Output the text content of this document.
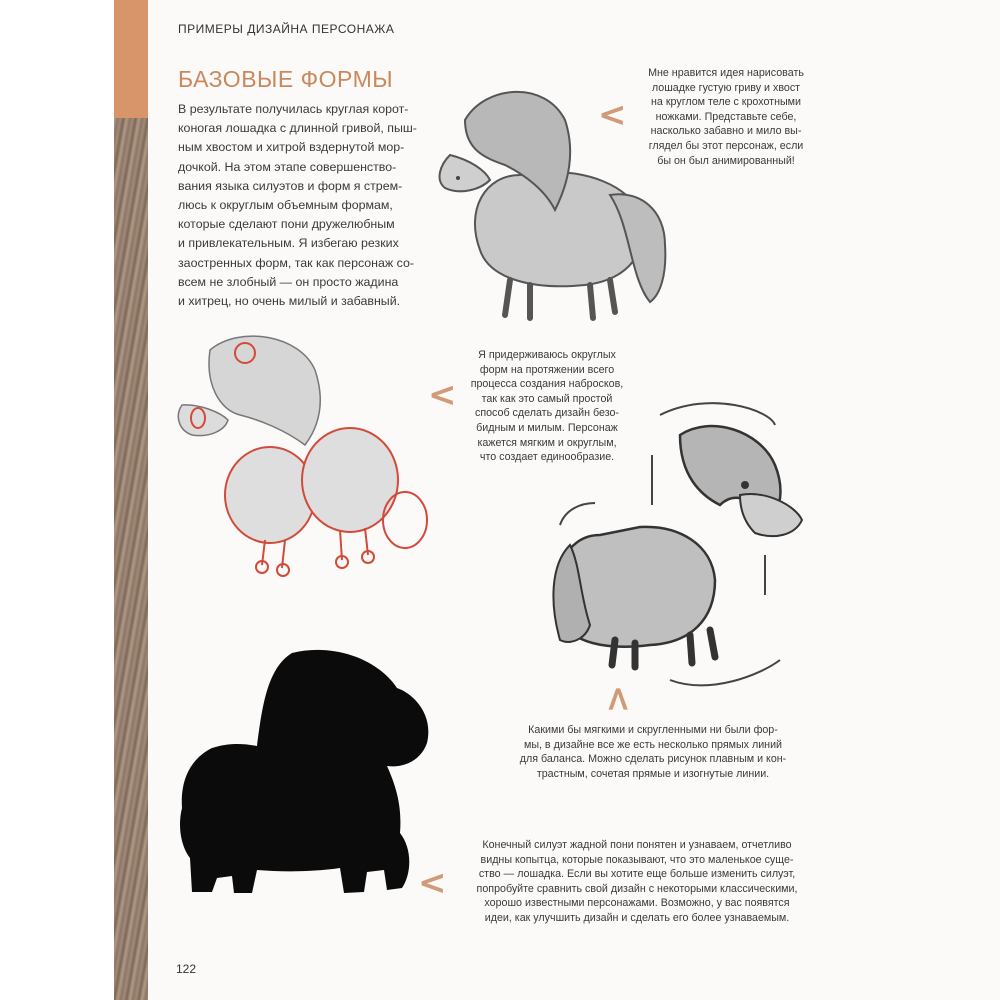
ПРИМЕРЫ ДИЗАЙНА ПЕРСОНАЖА
БАЗОВЫЕ ФОРМЫ
В результате получилась круглая корот-
коногая лошадка с длинной гривой, пыш-
ным хвостом и хитрой вздернутой мор-
дочкой. На этом этапе совершенство-
вания языка силуэтов и форм я стрем-
люсь к округлым объемным формам,
которые сделают пони дружелюбным
и привлекательным. Я избегаю резких
заостренных форм, так как персонаж со-
всем не злобный — он просто жадина
и хитрец, но очень милый и забавный.
<
<
<
<
Мне нравится идея нарисовать
лошадке густую гриву и хвост
на круглом теле с крохотными
ножками. Представьте себе,
насколько забавно и мило вы-
глядел бы этот персонаж, если
бы он был анимированный!
Я придерживаюсь округлых
форм на протяжении всего
процесса создания набросков,
так как это самый простой
способ сделать дизайн безо-
бидным и милым. Персонаж
кажется мягким и округлым,
что создает единообразие.
Какими бы мягкими и скругленными ни были фор-
мы, в дизайне все же есть несколько прямых линий
для баланса. Можно сделать рисунок плавным и кон-
трастным, сочетая прямые и изогнутые линии.
Конечный силуэт жадной пони понятен и узнаваем, отчетливо
видны копытца, которые показывают, что это маленькое суще-
ство — лошадка. Если вы хотите еще больше изменить силуэт,
попробуйте сравнить свой дизайн с некоторыми классическими,
хорошо известными персонажами. Возможно, у вас появятся
идеи, как улучшить дизайн и сделать его более узнаваемым.
122
